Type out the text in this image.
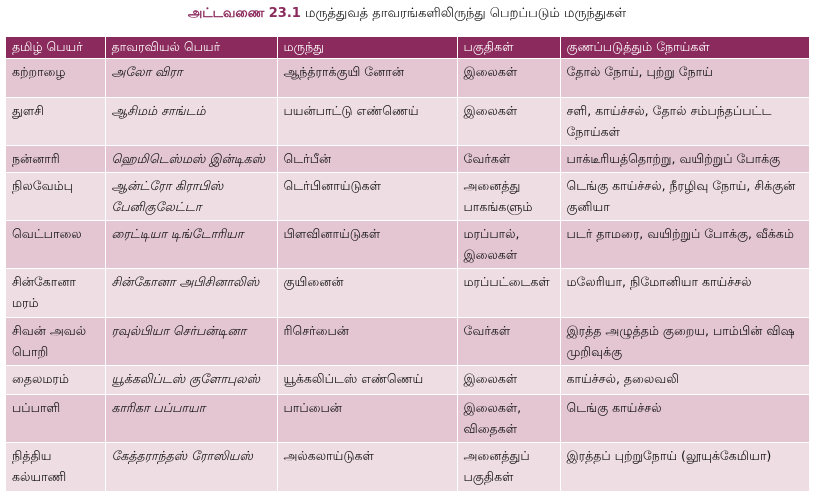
அட்டவணை 23.1 மருத்துவத் தாவரங்களிலிருந்து பெறப்படும் மருந்துகள்
தமிழ் பெயர்	தாவரவியல் பெயர்	மருந்து	பகுதிகள்	குணப்படுத்தும் நோய்கள்
கற்றாழை	அலோ விரா	ஆந்த்ராக்குயி னோன்	இலைகள்	தோல் நோய், புற்று நோய்
துளசி	ஆசிமம் சாங்டம்	பயன்பாட்டு எண்ணெய்	இலைகள்	சளி, காய்ச்சல், தோல் சம்பந்தப்பட்ட நோய்கள்
நன்னாரி	ஹெமிடெஸ்மஸ் இன்டிகஸ்	டெர்பீன்	வேர்கள்	பாக்டீரியத்தொற்று, வயிற்றுப் போக்கு
நிலவேம்பு	ஆன்ட்ரோ கிராபிஸ் பேனிகுலேட்டா	டெர்பினாய்டுகள்	அனைத்து பாகங்களும்	டெங்கு காய்ச்சல், நீரழிவு நோய், சிக்குன் குனியா
வெட்பாலை	ரைட்டியா டிங்டோரியா	பிளவினாய்டுகள்	மரப்பால், இலைகள்	படர் தாமரை, வயிற்றுப் போக்கு, வீக்கம்
சின்கோனா மரம்	சின்கோனா அபிசினாலிஸ்	குயினைன்	மரப்பட்டைகள்	மலேரியா, நிமோனியா காய்ச்சல்
சிவன் அவல் பொறி	ரவுல்பியா செர்பன்டினா	ரிசெர்பைன்	வேர்கள்	இரத்த அழுத்தம் குறைய, பாம்பின் விஷ முறிவுக்கு
தைலமரம்	யூக்கலிப்டஸ் குளோபுலஸ்	யூக்கலிப்டஸ் எண்ணெய்	இலைகள்	காய்ச்சல், தலைவலி
பப்பாளி	காரிகா பப்பாயா	பாப்பைன்	இலைகள், விதைகள்	டெங்கு காய்ச்சல்
நித்திய கல்யாணி	கேத்தராந்தஸ் ரோஸியஸ்	அல்கலாய்டுகள்	அனைத்துப் பகுதிகள்	இரத்தப் புற்றுநோய் (லூயுக்கேமியா)
